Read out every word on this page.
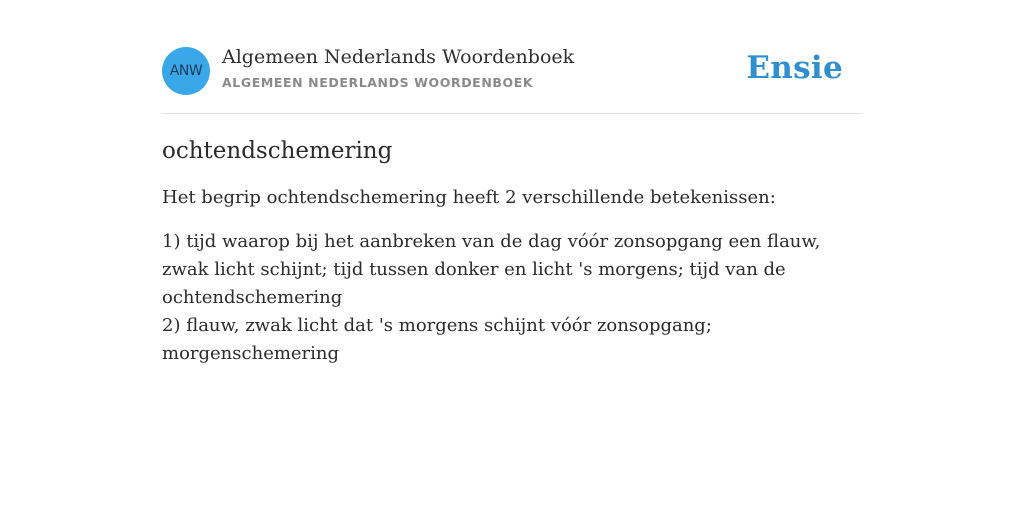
ANW
Algemeen Nederlands Woordenboek
ALGEMEEN NEDERLANDS WOORDENBOEK	Ensie
ochtendschemering
Het begrip ochtendschemering heeft 2 verschillende betekenissen:
1) tijd waarop bij het aanbreken van de dag vóór zonsopgang een flauw, zwak licht schijnt; tijd tussen donker en licht 's morgens; tijd van de ochtendschemering
2) flauw, zwak licht dat 's morgens schijnt vóór zonsopgang; morgenschemering
